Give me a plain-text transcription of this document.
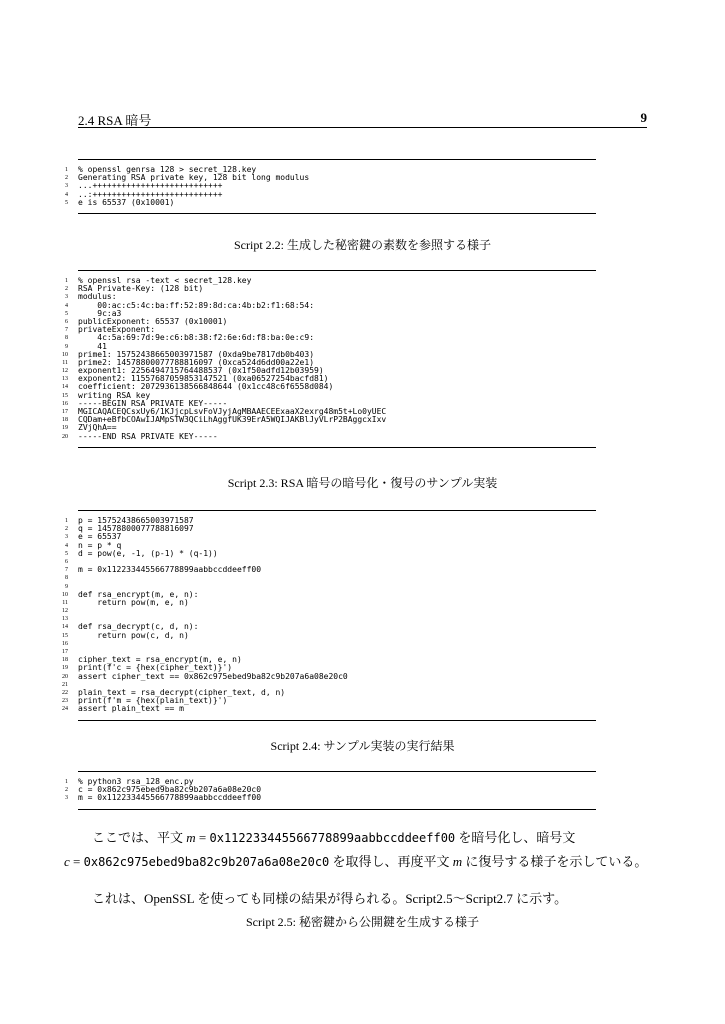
2.4 RSA 暗号	9
1 % openssl genrsa 128 > secret_128.key
2 Generating RSA private key, 128 bit long modulus
3 ...+++++++++++++++++++++++++++
4 ..:+++++++++++++++++++++++++++
5 e is 65537 (0x10001)
Script 2.2: 生成した秘密鍵の素数を参照する様子
1 % openssl rsa -text < secret_128.key
2 RSA Private-Key: (128 bit)
3 modulus:
4 00:ac:c5:4c:ba:ff:52:89:8d:ca:4b:b2:f1:68:54:
5 9c:a3
6 publicExponent: 65537 (0x10001)
7 privateExponent:
8 4c:5a:69:7d:9e:c6:b8:38:f2:6e:6d:f8:ba:0e:c9:
9 41
10 prime1: 15752438665003971587 (0xda9be7817db0b403)
11 prime2: 14578800077788816097 (0xca524d6dd00a22e1)
12 exponent1: 2256494715764488537 (0x1f50adfd12b03959)
13 exponent2: 11557687059853147521 (0xa06527254bacfd81)
14 coefficient: 2072936138566848644 (0x1cc48c6f6558d084)
15 writing RSA key
16 -----BEGIN RSA PRIVATE KEY-----
17 MGICAQACEQCsxUy6/1KJjcpLsvFoVJyjAgMBAAECEExaaX2exrg48m5t+Lo0yUEC
18 CQDam+eBfbCOAwIJAMpSTW3QCiLhAggfUK39ErA5WQIJAKBlJyVLrP2BAggcxIxv
19 ZVjQhA==
20 -----END RSA PRIVATE KEY-----
Script 2.3: RSA 暗号の暗号化・復号のサンプル実装
1 p = 15752438665003971587
2 q = 14578800077788816097
3 e = 65537
4 n = p * q
5 d = pow(e, -1, (p-1) * (q-1))
6
7 m = 0x112233445566778899aabbccddeeff00
8
9
10 def rsa_encrypt(m, e, n):
11 return pow(m, e, n)
12
13
14 def rsa_decrypt(c, d, n):
15 return pow(c, d, n)
16
17
18 cipher_text = rsa_encrypt(m, e, n)
19 print(f'c = {hex(cipher_text)}')
20 assert cipher_text == 0x862c975ebed9ba82c9b207a6a08e20c0
21
22 plain_text = rsa_decrypt(cipher_text, d, n)
23 print(f'm = {hex(plain_text)}')
24 assert plain_text == m
Script 2.4: サンプル実装の実行結果
1 % python3 rsa_128_enc.py
2 c = 0x862c975ebed9ba82c9b207a6a08e20c0
3 m = 0x112233445566778899aabbccddeeff00
ここでは、平文 m = 0x112233445566778899aabbccddeeff00 を暗号化し、暗号文
c = 0x862c975ebed9ba82c9b207a6a08e20c0 を取得し、再度平文 m に復号する様子を示している。
これは、OpenSSL を使っても同様の結果が得られる。Script2.5〜Script2.7 に示す。
Script 2.5: 秘密鍵から公開鍵を生成する様子
